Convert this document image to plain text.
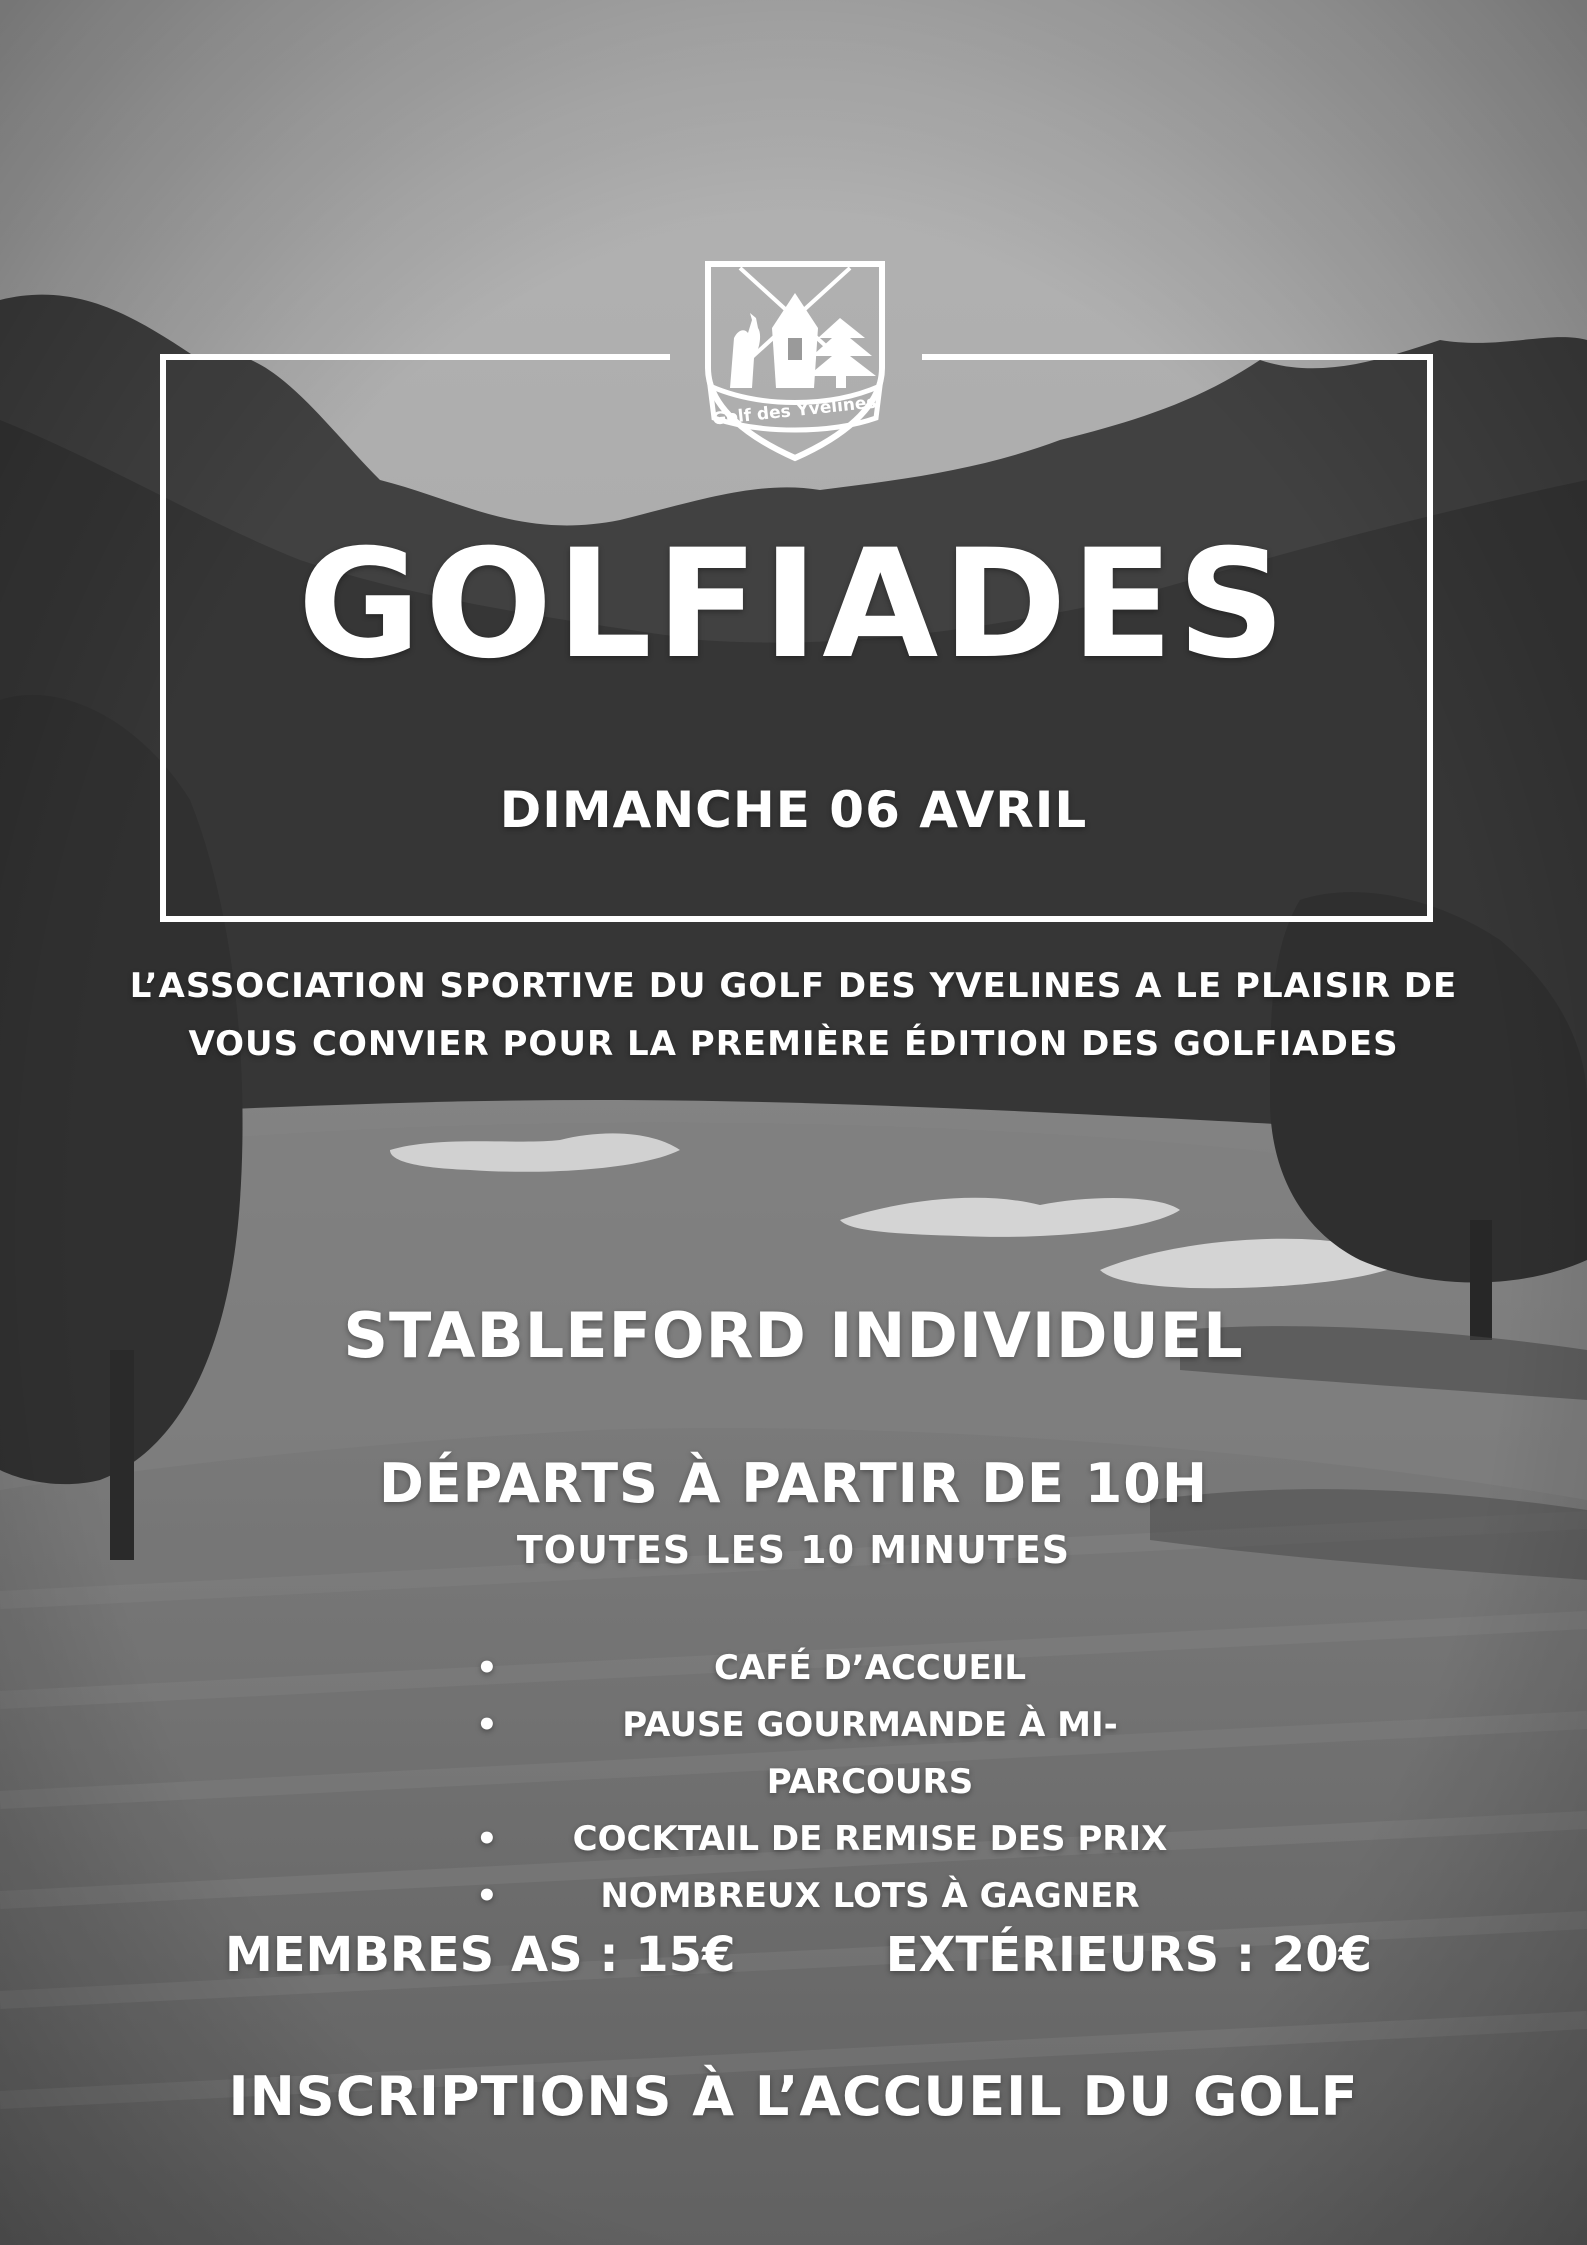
Golf des Yvelines
GOLFIADES
DIMANCHE 06 AVRIL
L’ASSOCIATION SPORTIVE DU GOLF DES YVELINES A LE PLAISIR DE
VOUS CONVIER POUR LA PREMIÈRE ÉDITION DES GOLFIADES
STABLEFORD INDIVIDUEL
DÉPARTS À PARTIR DE 10H
TOUTES LES 10 MINUTES
•	CAFÉ D’ACCUEIL
•	PAUSE GOURMANDE À MI-PARCOURS
• COCKTAIL DE REMISE DES PRIX
•	NOMBREUX LOTS À GAGNER
MEMBRES AS : 15€	EXTÉRIEURS : 20€
INSCRIPTIONS À L’ACCUEIL DU GOLF
